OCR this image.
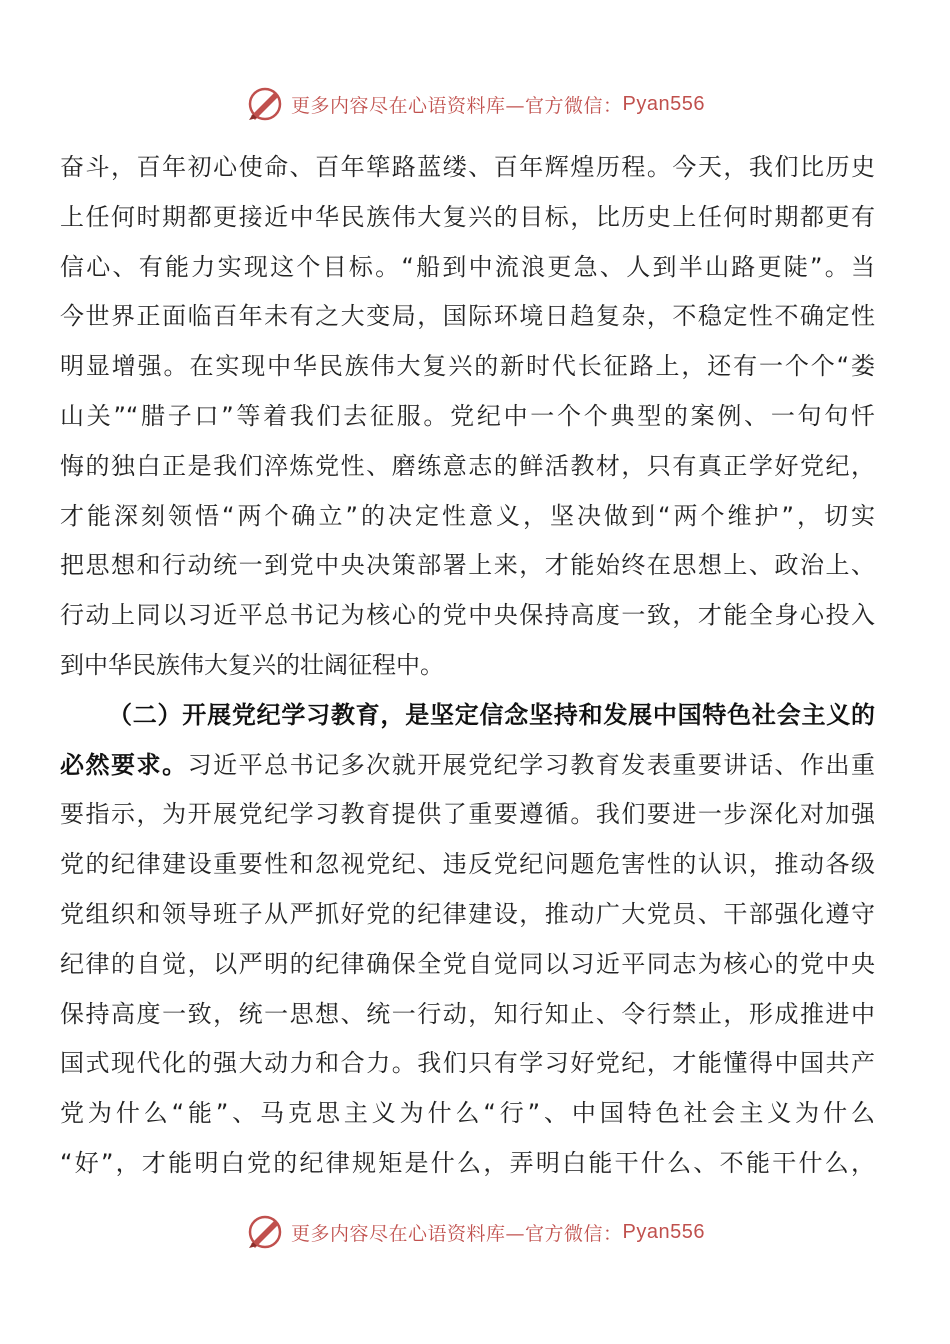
更多内容尽在心语资料库—官方微信： Pyan556
奋斗，百年初心使命、百年筚路蓝缕、百年辉煌历程。今天，我们比历史
上任何时期都更接近中华民族伟大复兴的目标，比历史上任何时期都更有
信心、有能力实现这个目标。“船到中流浪更急、人到半山路更陡”。当
今世界正面临百年未有之大变局，国际环境日趋复杂，不稳定性不确定性
明显增强。在实现中华民族伟大复兴的新时代长征路上，还有一个个“娄
山关”“腊子口”等着我们去征服。党纪中一个个典型的案例、一句句忏
悔的独白正是我们淬炼党性、磨练意志的鲜活教材，只有真正学好党纪，
才能深刻领悟“两个确立”的决定性意义，坚决做到“两个维护”，切实
把思想和行动统一到党中央决策部署上来，才能始终在思想上、政治上、
行动上同以习近平总书记为核心的党中央保持高度一致，才能全身心投入
到中华民族伟大复兴的壮阔征程中。
（二）开展党纪学习教育，是坚定信念坚持和发展中国特色社会主义的
必然要求。习近平总书记多次就开展党纪学习教育发表重要讲话、作出重
要指示，为开展党纪学习教育提供了重要遵循。我们要进一步深化对加强
党的纪律建设重要性和忽视党纪、违反党纪问题危害性的认识，推动各级
党组织和领导班子从严抓好党的纪律建设，推动广大党员、干部强化遵守
纪律的自觉，以严明的纪律确保全党自觉同以习近平同志为核心的党中央
保持高度一致，统一思想、统一行动，知行知止、令行禁止，形成推进中
国式现代化的强大动力和合力。我们只有学习好党纪，才能懂得中国共产
党为什么“能”、马克思主义为什么“行”、中国特色社会主义为什么
“好”，才能明白党的纪律规矩是什么，弄明白能干什么、不能干什么，
更多内容尽在心语资料库—官方微信： Pyan556
